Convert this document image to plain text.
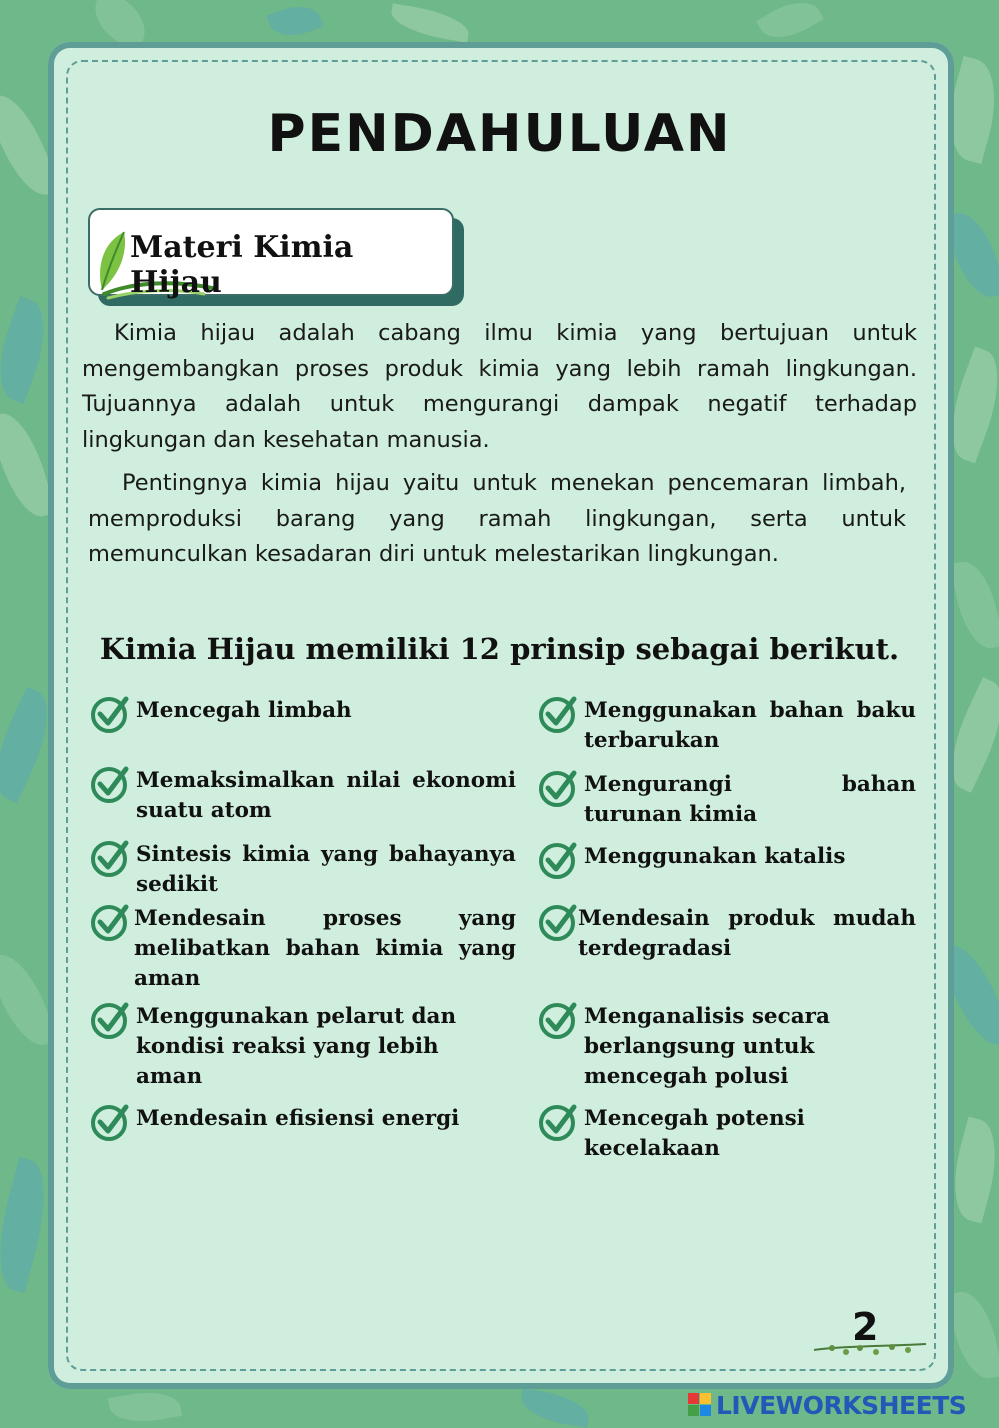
PENDAHULUAN
Materi Kimia Hijau

Kimia hijau adalah cabang ilmu kimia yang bertujuan untuk mengembangkan proses produk kimia yang lebih ramah lingkungan. Tujuannya adalah untuk mengurangi dampak negatif terhadap lingkungan dan kesehatan manusia.

Pentingnya kimia hijau yaitu untuk menekan pencemaran limbah, memproduksi barang yang ramah lingkungan, serta untuk memunculkan kesadaran diri untuk melestarikan lingkungan.

Kimia Hijau memiliki 12 prinsip sebagai berikut.
Mencegah limbah
Memaksimalkan nilai ekonomi suatu atom
Sintesis kimia yang bahayanya sedikit
Mendesain proses yang melibatkan bahan kimia yang aman
Menggunakan pelarut dan kondisi reaksi yang lebih aman
Mendesain efisiensi energi
Menggunakan bahan baku terbarukan
Mengurangi bahan turunan kimia
Menggunakan katalis
Mendesain produk mudah terdegradasi
Menganalisis secara berlangsung untuk mencegah polusi
Mencegah potensi kecelakaan
2
LIVEWORKSHEETS
